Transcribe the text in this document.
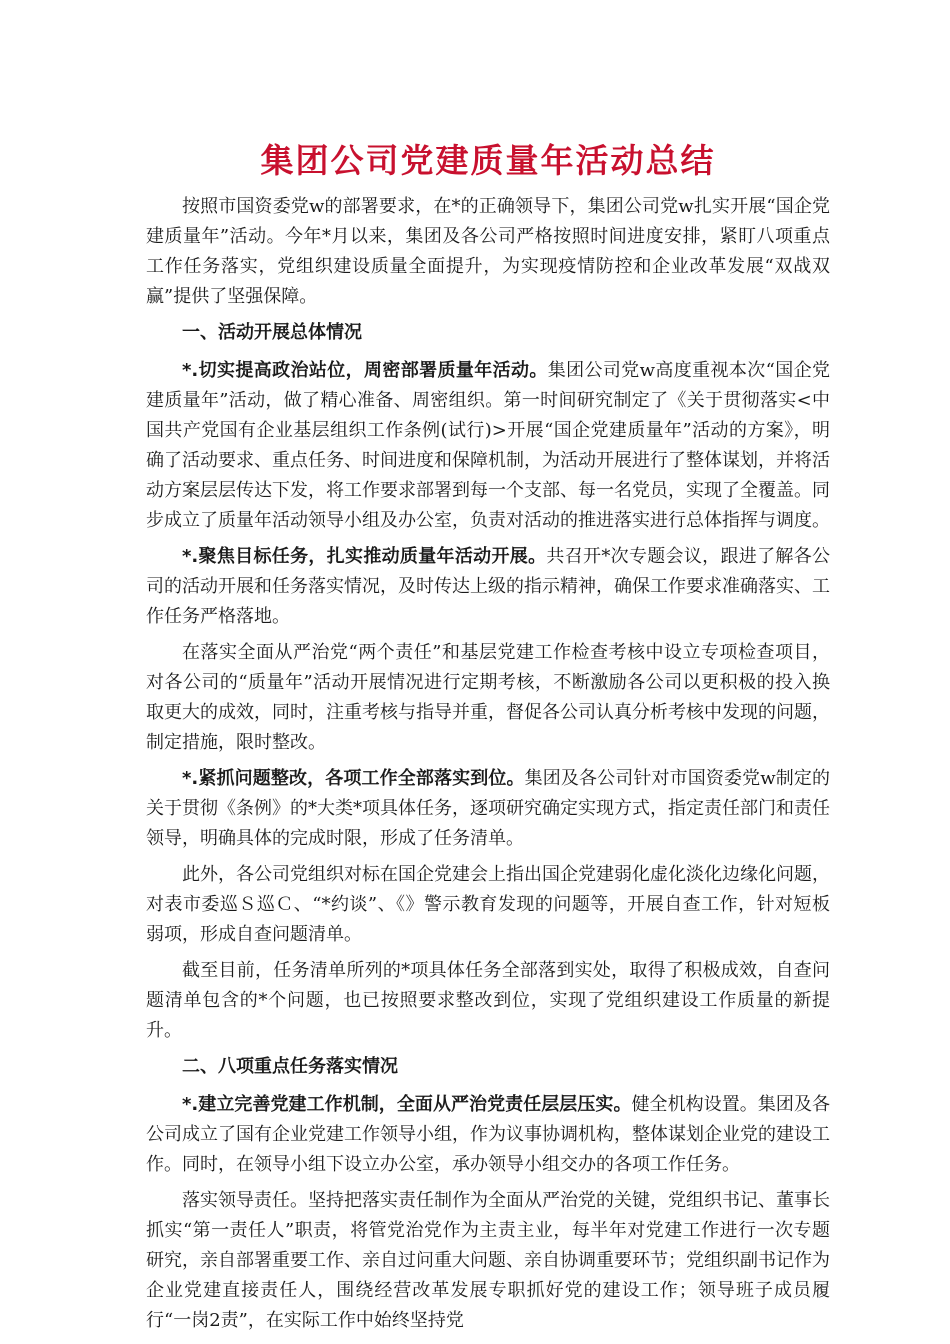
集团公司党建质量年活动总结

按照市国资委党w的部署要求，在*的正确领导下，集团公司党w扎实开展“国企党建质量年”活动。今年*月以来，集团及各公司严格按照时间进度安排，紧盯八项重点工作任务落实，党组织建设质量全面提升，为实现疫情防控和企业改革发展“双战双赢”提供了坚强保障。

一、活动开展总体情况

*.切实提高政治站位，周密部署质量年活动。集团公司党w高度重视本次“国企党建质量年”活动，做了精心准备、周密组织。第一时间研究制定了《关于贯彻落实<中国共产党国有企业基层组织工作条例(试行)>开展“国企党建质量年”活动的方案》，明确了活动要求、重点任务、时间进度和保障机制，为活动开展进行了整体谋划，并将活动方案层层传达下发，将工作要求部署到每一个支部、每一名党员，实现了全覆盖。同步成立了质量年活动领导小组及办公室，负责对活动的推进落实进行总体指挥与调度。

*.聚焦目标任务，扎实推动质量年活动开展。共召开*次专题会议，跟进了解各公司的活动开展和任务落实情况，及时传达上级的指示精神，确保工作要求准确落实、工作任务严格落地。

在落实全面从严治党“两个责任”和基层党建工作检查考核中设立专项检查项目，对各公司的“质量年”活动开展情况进行定期考核，不断激励各公司以更积极的投入换取更大的成效，同时，注重考核与指导并重，督促各公司认真分析考核中发现的问题，制定措施，限时整改。

*.紧抓问题整改，各项工作全部落实到位。集团及各公司针对市国资委党w制定的关于贯彻《条例》的*大类*项具体任务，逐项研究确定实现方式，指定责任部门和责任领导，明确具体的完成时限，形成了任务清单。

此外，各公司党组织对标在国企党建会上指出国企党建弱化虚化淡化边缘化问题，对表市委巡Ｓ巡Ｃ、“*约谈”、《》警示教育发现的问题等，开展自查工作，针对短板弱项，形成自查问题清单。

截至目前，任务清单所列的*项具体任务全部落到实处，取得了积极成效，自查问题清单包含的*个问题，也已按照要求整改到位，实现了党组织建设工作质量的新提升。

二、八项重点任务落实情况

*.建立完善党建工作机制，全面从严治党责任层层压实。健全机构设置。集团及各公司成立了国有企业党建工作领导小组，作为议事协调机构，整体谋划企业党的建设工作。同时，在领导小组下设立办公室，承办领导小组交办的各项工作任务。

落实领导责任。坚持把落实责任制作为全面从严治党的关键，党组织书记、董事长抓实“第一责任人”职责，将管党治党作为主责主业，每半年对党建工作进行一次专题研究，亲自部署重要工作、亲自过问重大问题、亲自协调重要环节；党组织副书记作为企业党建直接责任人，围绕经营改革发展专职抓好党的建设工作；领导班子成员履行“一岗2责”，在实际工作中始终坚持党
